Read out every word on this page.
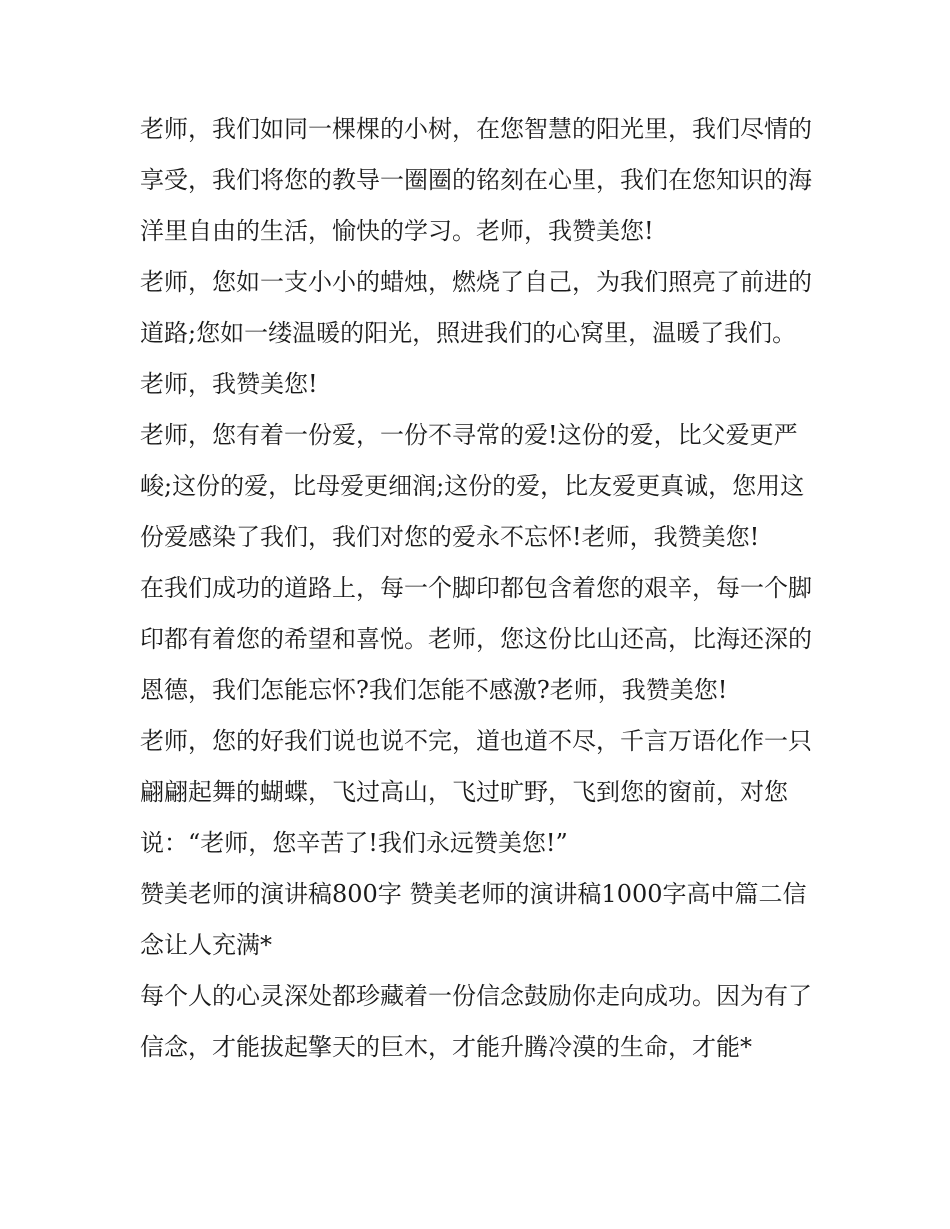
老师，我们如同一棵棵的小树，在您智慧的阳光里，我们尽情的享受，我们将您的教导一圈圈的铭刻在心里，我们在您知识的海洋里自由的生活，愉快的学习。老师，我赞美您!

老师，您如一支小小的蜡烛，燃烧了自己，为我们照亮了前进的道路;您如一缕温暖的阳光，照进我们的心窝里，温暖了我们。老师，我赞美您!

老师，您有着一份爱，一份不寻常的爱!这份的爱，比父爱更严峻;这份的爱，比母爱更细润;这份的爱，比友爱更真诚，您用这份爱感染了我们，我们对您的爱永不忘怀!老师，我赞美您!

在我们成功的道路上，每一个脚印都包含着您的艰辛，每一个脚印都有着您的希望和喜悦。老师，您这份比山还高，比海还深的恩德，我们怎能忘怀?我们怎能不感激?老师，我赞美您!

老师，您的好我们说也说不完，道也道不尽，千言万语化作一只翩翩起舞的蝴蝶，飞过高山，飞过旷野，飞到您的窗前，对您说：“老师，您辛苦了!我们永远赞美您!”

赞美老师的演讲稿800字 赞美老师的演讲稿1000字高中篇二信念让人充满*

每个人的心灵深处都珍藏着一份信念鼓励你走向成功。因为有了信念，才能拔起擎天的巨木，才能升腾冷漠的生命，才能*
